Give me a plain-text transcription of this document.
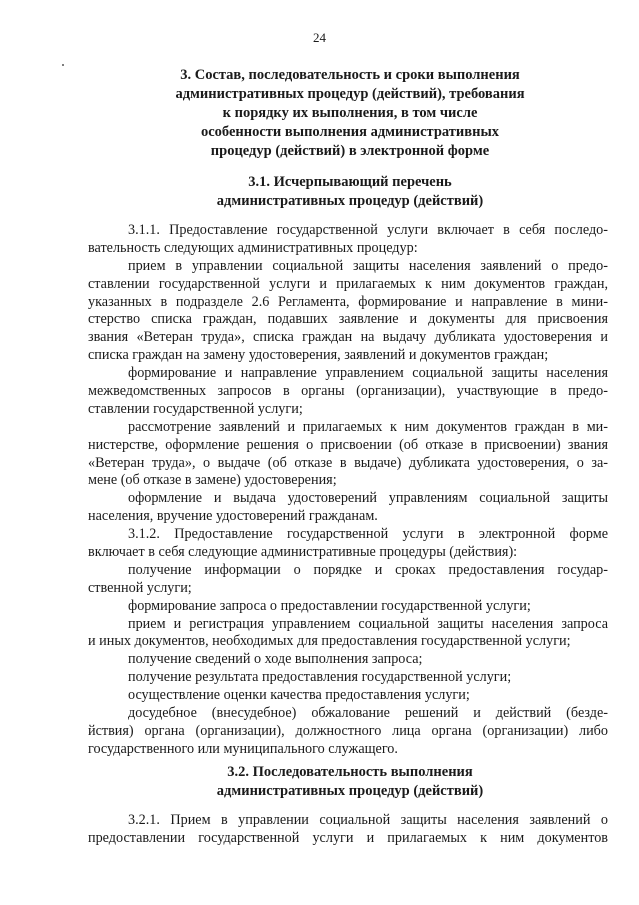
24
3. Состав, последовательность и сроки выполнения
административных процедур (действий), требования
к порядку их выполнения, в том числе
особенности выполнения административных
процедур (действий) в электронной форме
3.1. Исчерпывающий перечень
административных процедур (действий)
3.1.1. Предоставление государственной услуги включает в себя последо-
вательность следующих административных процедур:
прием в управлении социальной защиты населения заявлений о предо-
ставлении государственной услуги и прилагаемых к ним документов граждан,
указанных в подразделе 2.6 Регламента, формирование и направление в мини-
стерство списка граждан, подавших заявление и документы для присвоения
звания «Ветеран труда», списка граждан на выдачу дубликата удостоверения и
списка граждан на замену удостоверения, заявлений и документов граждан;
формирование и направление управлением социальной защиты населения
межведомственных запросов в органы (организации), участвующие в предо-
ставлении государственной услуги;
рассмотрение заявлений и прилагаемых к ним документов граждан в ми-
нистерстве, оформление решения о присвоении (об отказе в присвоении) звания
«Ветеран труда», о выдаче (об отказе в выдаче) дубликата удостоверения, о за-
мене (об отказе в замене) удостоверения;
оформление и выдача удостоверений управлениям социальной защиты
населения, вручение удостоверений гражданам.
3.1.2. Предоставление государственной услуги в электронной форме
включает в себя следующие административные процедуры (действия):
получение информации о порядке и сроках предоставления государ-
ственной услуги;
формирование запроса о предоставлении государственной услуги;
прием и регистрация управлением социальной защиты населения запроса
и иных документов, необходимых для предоставления государственной услуги;
получение сведений о ходе выполнения запроса;
получение результата предоставления государственной услуги;
осуществление оценки качества предоставления услуги;
досудебное (внесудебное) обжалование решений и действий (безде-
йствия) органа (организации), должностного лица органа (организации) либо
государственного или муниципального служащего.
3.2. Последовательность выполнения
административных процедур (действий)
3.2.1. Прием в управлении социальной защиты населения заявлений о
предоставлении государственной услуги и прилагаемых к ним документов
